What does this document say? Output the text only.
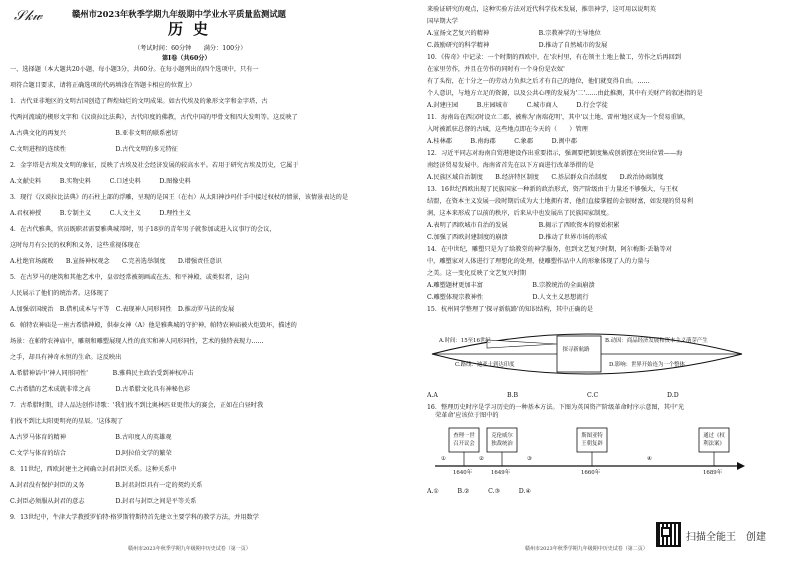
𝒮𝓀𝓌	赣州市2023年秋季学期九年级期中学业水平质量监测试题
历史
（考试时间：60分钟　　满分：100分）
第Ⅰ卷（共60分）
一、选择题（本大题共20小题，每小题3分，共60分。在每小题列出的四个选项中，只有一
项符合题目要求，请将正确选项的代码填涂在答题卡相应的位置上）
1．古代亚非地区的文明古国创造了辉煌灿烂的文明成果。如古代埃及的象形文字和金字塔，古
代两河流域的楔形文字和《汉谟拉比法典》，古代印度的佛教，古代中国的甲骨文和四大发明等。这反映了
A.古典文化的再复兴　　　　　　　　B.亚非文明的联系密切
C.文明进程的连续性　　　　　　　　D.古代文明的多元特征
2．金字塔是古埃及文明的象征，反映了古埃及社会经济发展的较高水平。若用于研究古埃及历史，它属于
A.文献史料　　　B.实物史料　　　C.口述史料　　　D.图像史料
3．现行《汉谟拉比法典》的石柱上部的浮雕，呈现的是国王（在右）从太阳神沙玛什手中接过权杖的情景，该情景表达的是
A.君权神授　　　B.专制主义　　　C.人文主义　　　D.理性主义
4．在古代雅典，官员既职君需要雅典城邦时，男子18岁的青年男子就参加或进入议事厅的会议，
这时每月有公民的权利和义务，这些重视体现在
A.杜绝官场腐败　　B.宣扬神权观念　　C.完善选举制度　　D.增强责任意识
5．在古罗马的建筑和其他艺术中，皇帝经常被刻画或在杰、和平神殿、或类似者，这向
人民展示了他们的统治者。这体现了
A.加强帝国统治　B.借机成本与平等　C.表现神人同形同性　D.推动罗马法的发展
6．帕特农神庙是一座古希腊神殿，供奉女神（A）他是雅典城的守护神，帕特农神庙被火炬毁坏，描述的
场景：在帕特农神庙中，雕刻和雕塑展现人性的真实和神人同形同性，艺术的独特表现力……
之手，却具有神奇永恒的生命。这反映出
A.希腊神话中'神人同形同性'　　　　B.雅典民主政治受到神权冲击
C.古希腊的艺术成就非常之高　　　　D.古希腊文化具有神秘色彩
7．古希腊时期，诗人品达创作诗歌：'我们找不到比奥林匹亚更伟大的赛会，正如在白昼时我
们找不到比太阳更明亮的星辰。'这体现了
A.古罗马体育的精神　　　　　　　　B.古印度人的英雄观
C.文学与体育的结合　　　　　　　　D.阿拉伯文学的繁荣
8．11世纪，西欧封建主之间确立封君封臣关系。这种关系中
A.封君没有保护封臣的义务　　　　　B.封君封臣具有一定的契约关系
C.封臣必须服从封君的意志　　　　　D.封君与封臣之间是平等关系
9．13世纪中，牛津大学教授罗伯特·格罗斯特斯特首先建立主要学科的教学方法，并用数学
赣州市2023年秋季学期九年级期中历史试卷（第一页）
来验证研究的观点，这种实验方法对近代科学技术发展，推崇神学，这可用以说明英
国早期大学
A.宣扬文艺复兴的精神　　　　　　　　B.宗教神学的主导地位
C.鼓励研究的科学精神　　　　　　　　D.推动了自然城市的发展
10．《传奇》中记录：一个时期的西欧中，在'农村里，有在领主土地上做工，劳作之后再回到
在家里劳作，并且在劳作的同时有一个身份是农奴'
有了头衔，在十分之一的劳动力负担之后才有自己的地位，他们就变得自由。……
个人意识，与地方立足的资源，以及公共心理的发展为'二'……由此推测，其中有关财产的叙述指的是
A.封建庄园　　　B.庄园城市　　　C.城市商人　　　D.行会学徒
11．海南岛在西汉时设立二郡，被称为'南端花明'，其中'以土地、雷州'地区成为一个贸易重镇，
入时被派驻总督的古城，这些地点即在今天的（　　）管理
A.桂林郡　　　B.南海郡　　　C.象郡　　　D.闽中郡
12．习近平同志对海南自贸港建设作出重要指示，强调要把制度集成创新摆在突出位置——海
南经济贸易发展中。海南省首先在以下方面进行改革举措的是
A.民族区域自治制度　　B.经济特区制度　　C.基层群众自治制度　　D.政治协商制度
13．16世纪西欧出现了民族国家一种新的政治形式，资产阶级由于力量还不够强大，与王权
结盟，在资本主义发展一段时期后成为大土地拥有者，他们直接掌握的金银财富，如发现的贸易利
润，这本来形成了以前的秩序，后来从中也发展出了民族国家制度。
A.表明了西欧城市自治的发展　　　　　B.揭示了西欧资本的原始积累
C.加强了西欧封建制度的崩溃　　　　　D.推动了世界市场的形成
14．在中世纪，雕塑只是为了给教堂的神学服务，但到文艺复兴时期，阿尔梅斯·丢勒等对
中，雕塑家对人体进行了理想化的处理，使雕塑作品中人的形象体现了人的力量与
之美。这一变化反映了文艺复兴时期
A.雕塑题材更加丰富　　　　　　　　B.宗教统治的全面崩溃
C.雕塑体现宗教神性　　　　　　　　D.人文主义思想流行
15．杭州同学整理了'探寻新航路'的知识结构，其中正确的是
探寻新航路
A.时间：15至16世纪
C.路线：迪亚士到达印度
B.动因：商品经济发展和资本主义萌芽产生
D.影响：世界开始连为一个整体
A.A	B.B	C.C	D.D
16．整理历史时序是学习历史的一种基本方法。下图为英国资产阶级革命时序示意图，其中'光
荣革命'应该位于图中的
查理一世召开议会
克伦威尔独裁统治
斯图亚特王朝复辟
通过《权利法案》
1640年	1649年	1660年	1689年
①	②	③	④
A.①　　　B.②　　　C.③　　　D.④
赣州市2023年秋季学期九年级期中历史试卷（第二页）
扫描全能王　创建
